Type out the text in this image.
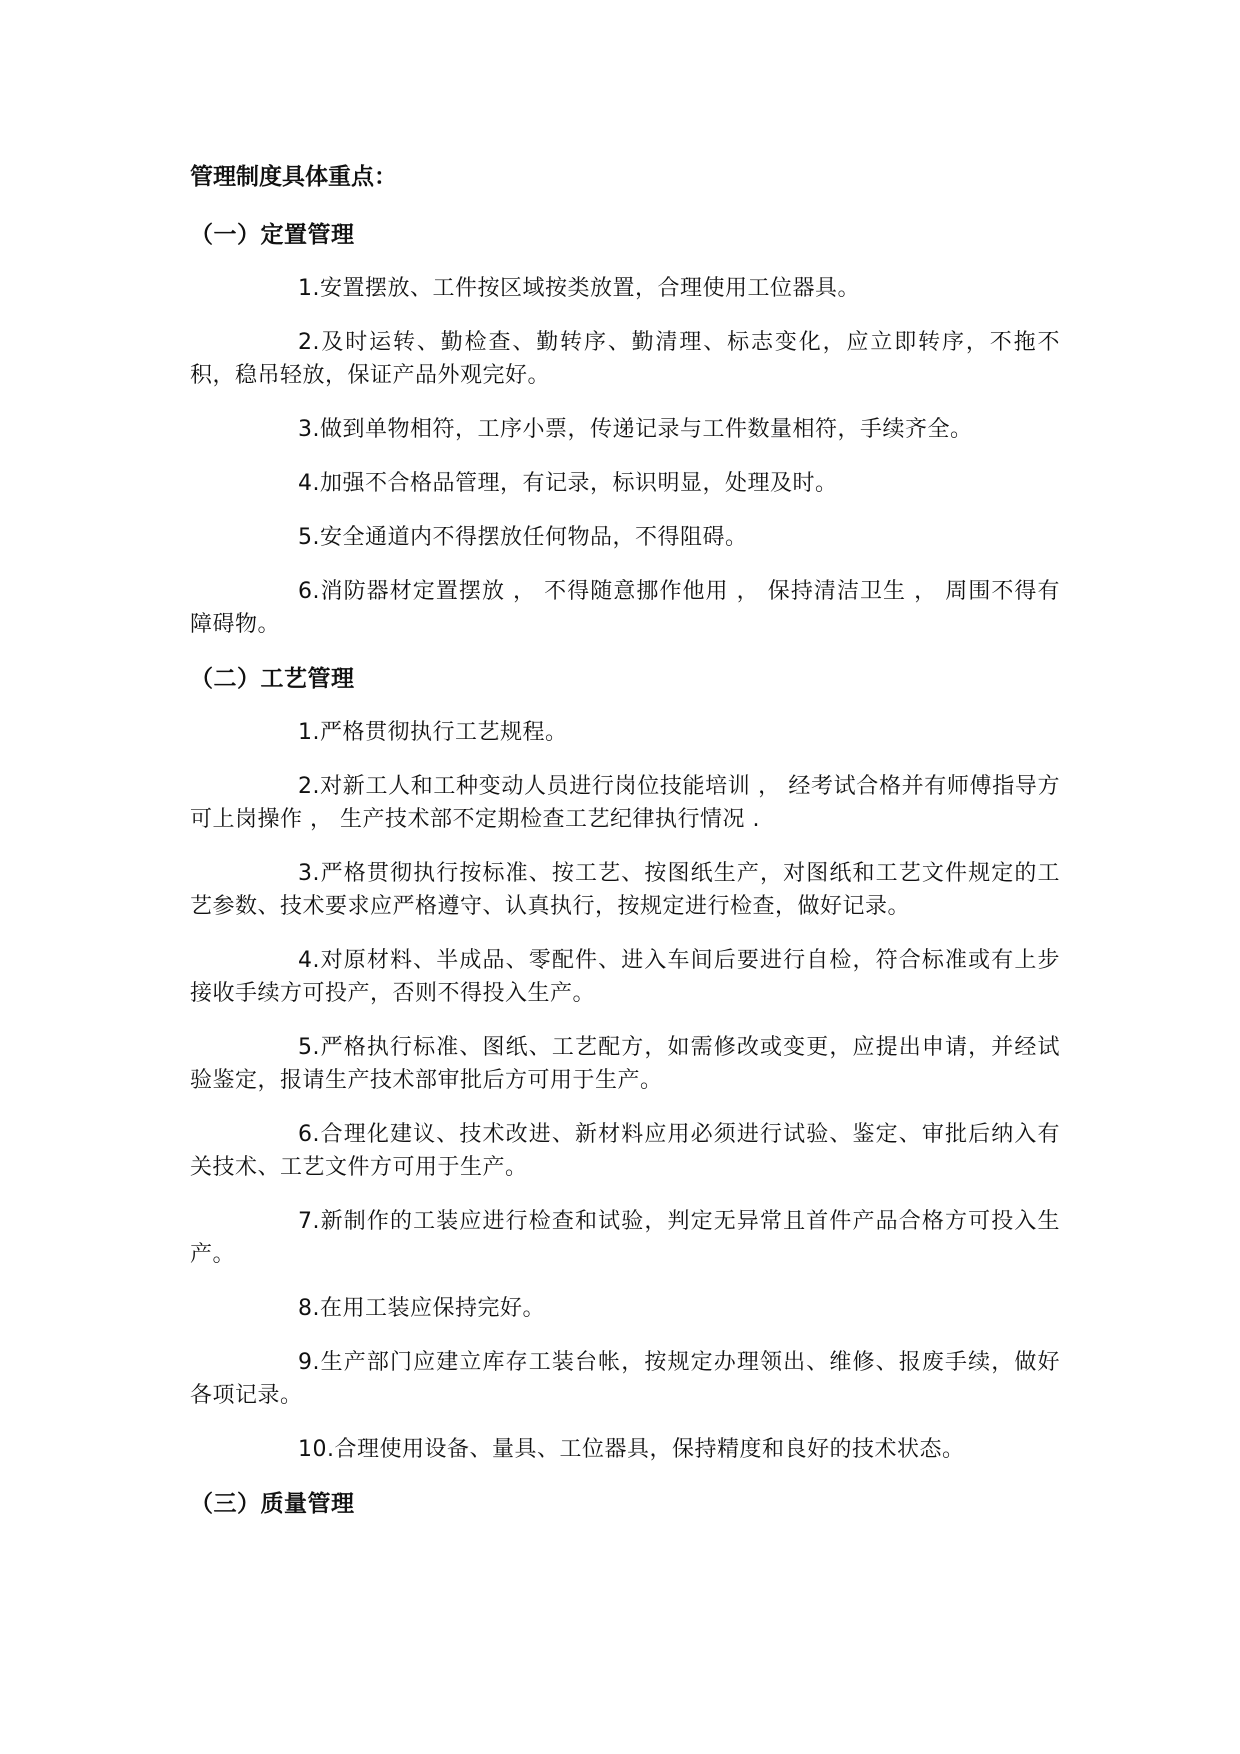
管理制度具体重点：
（一）定置管理
1.安置摆放、工件按区域按类放置，合理使用工位器具。
2.及时运转、勤检查、勤转序、勤清理、标志变化，应立即转序，不拖不积，稳吊轻放，保证产品外观完好。
3.做到单物相符，工序小票，传递记录与工件数量相符，手续齐全。
4.加强不合格品管理，有记录，标识明显，处理及时。
5.安全通道内不得摆放任何物品，不得阻碍。
6.消防器材定置摆放 ， 不得随意挪作他用 ， 保持清洁卫生 ， 周围不得有障碍物。
（二）工艺管理
1.严格贯彻执行工艺规程。
2.对新工人和工种变动人员进行岗位技能培训 ， 经考试合格并有师傅指导方可上岗操作 ， 生产技术部不定期检查工艺纪律执行情况 .
3.严格贯彻执行按标准、按工艺、按图纸生产，对图纸和工艺文件规定的工艺参数、技术要求应严格遵守、认真执行，按规定进行检查，做好记录。
4.对原材料、半成品、零配件、进入车间后要进行自检，符合标准或有上步接收手续方可投产，否则不得投入生产。
5.严格执行标准、图纸、工艺配方，如需修改或变更，应提出申请，并经试验鉴定，报请生产技术部审批后方可用于生产。
6.合理化建议、技术改进、新材料应用必须进行试验、鉴定、审批后纳入有关技术、工艺文件方可用于生产。
7.新制作的工装应进行检查和试验，判定无异常且首件产品合格方可投入生产。
8.在用工装应保持完好。
9.生产部门应建立库存工装台帐，按规定办理领出、维修、报废手续，做好各项记录。
10.合理使用设备、量具、工位器具，保持精度和良好的技术状态。
（三）质量管理
